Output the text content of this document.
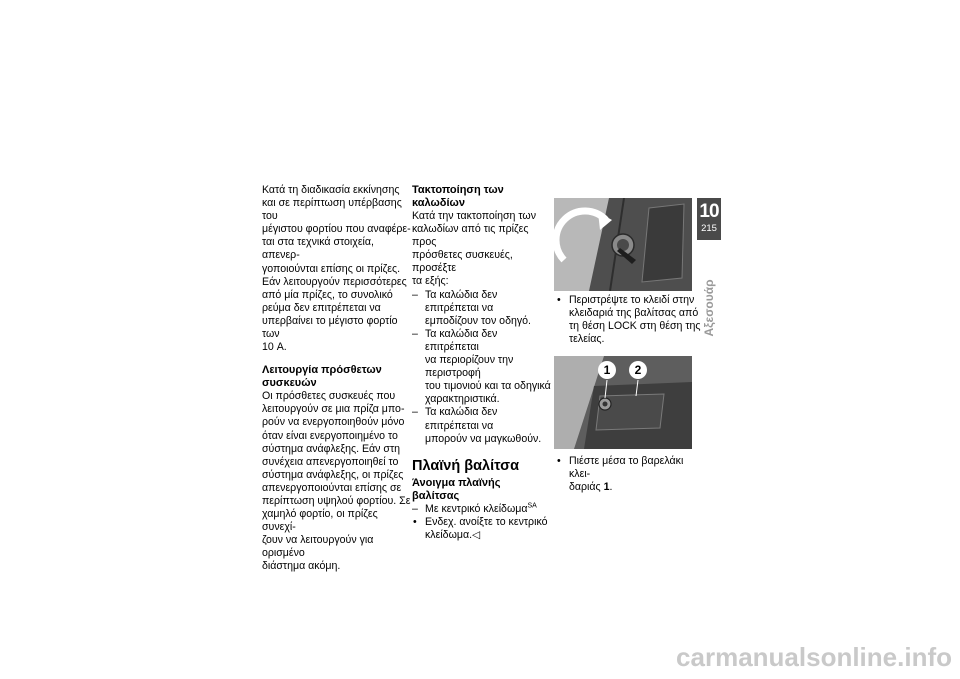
Κατά τη διαδικασία εκκίνησης
και σε περίπτωση υπέρβασης του
μέγιστου φορτίου που αναφέρε-
ται στα τεχνικά στοιχεία, απενερ-
γοποιούνται επίσης οι πρίζες.
Εάν λειτουργούν περισσότερες
από μία πρίζες, το συνολικό
ρεύμα δεν επιτρέπεται να
υπερβαίνει το μέγιστο φορτίο των
10 A.

Λειτουργία πρόσθετων
συσκευών

Οι πρόσθετες συσκευές που
λειτουργούν σε μια πρίζα μπο-
ρούν να ενεργοποιηθούν μόνο
όταν είναι ενεργοποιημένο το
σύστημα ανάφλεξης. Εάν στη
συνέχεια απενεργοποιηθεί το
σύστημα ανάφλεξης, οι πρίζες
απενεργοποιούνται επίσης σε
περίπτωση υψηλού φορτίου. Σε
χαμηλό φορτίο, οι πρίζες συνεχί-
ζουν να λειτουργούν για ορισμένο
διάστημα ακόμη.

Τακτοποίηση των καλωδίων

Κατά την τακτοποίηση των
καλωδίων από τις πρίζες προς
πρόσθετες συσκευές, προσέξτε
τα εξής:

– Τα καλώδια δεν επιτρέπεται να
εμποδίζουν τον οδηγό.

– Τα καλώδια δεν επιτρέπεται
να περιορίζουν την περιστροφή
του τιμονιού και τα οδηγικά
χαρακτηριστικά.

– Τα καλώδια δεν επιτρέπεται να
μπορούν να μαγκωθούν.

Πλαϊνή βαλίτσα
Άνοιγμα πλαϊνής
βαλίτσας

– Με κεντρικό κλείδωμα$^{SA}$

• Ενδεχ. ανοίξτε το κεντρικό
κλείδωμα.◁

• Περιστρέψτε το κλειδί στην
κλειδαριά της βαλίτσας από
τη θέση LOCK στη θέση της
τελείας.
1 2
• Πιέστε μέσα το βαρελάκι κλει-
δαριάς 1.
10
215
Αξεσουάρ
carmanualsonline.info
